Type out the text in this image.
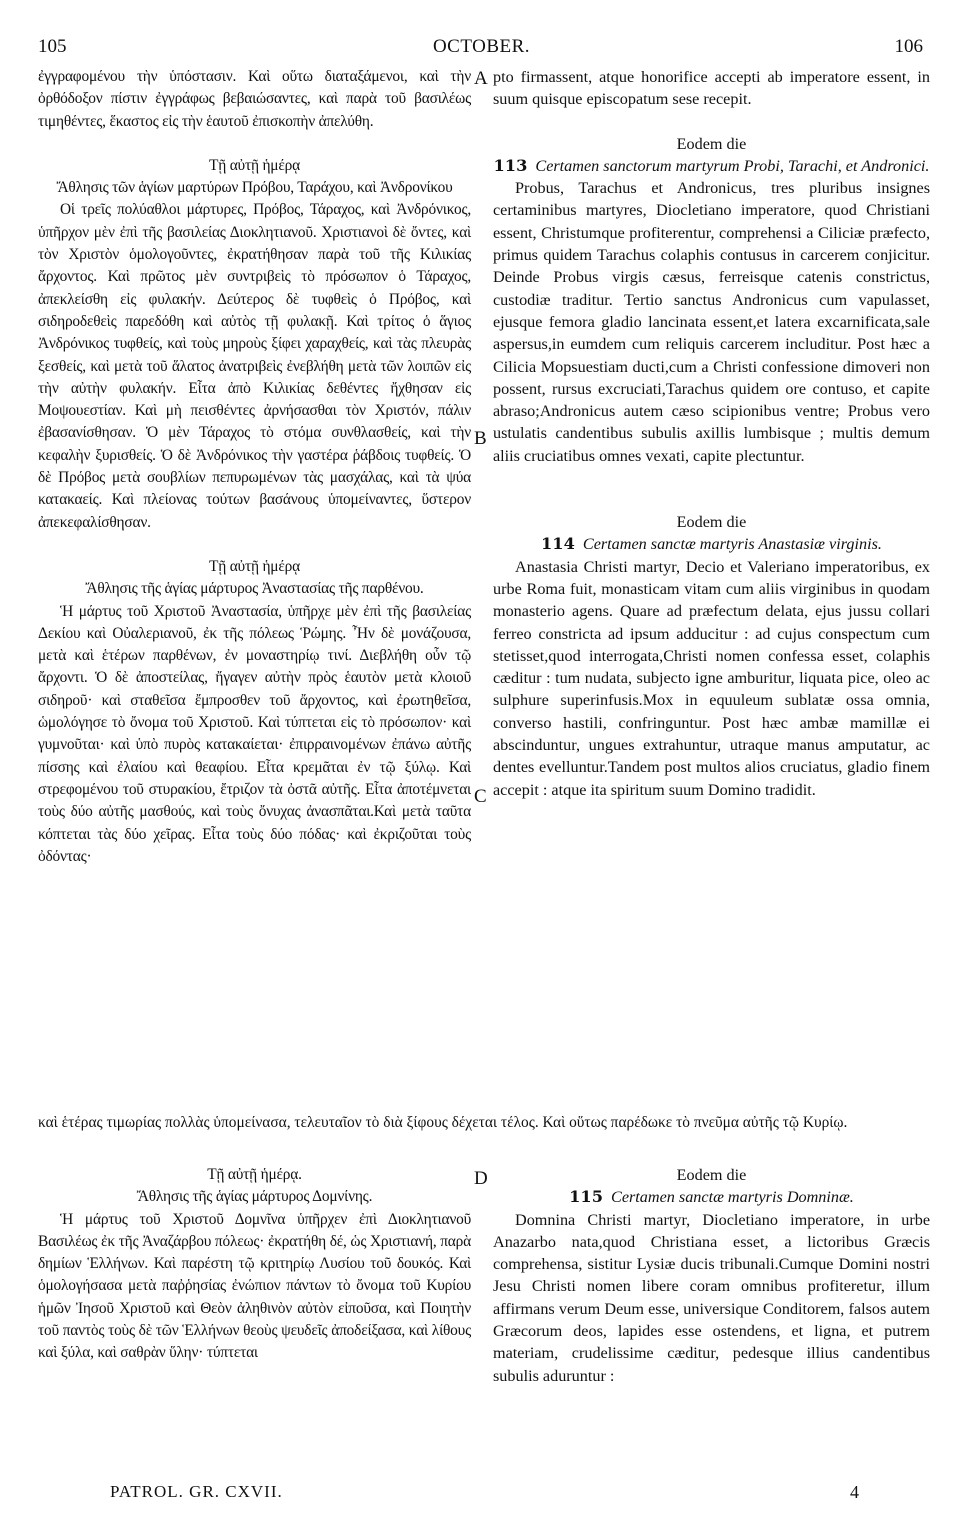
105	OCTOBER.	106
A
B
C
D

ἐγγραφομένου τὴν ὑπόστασιν. Καὶ οὕτω διαταξάμενοι, καὶ τὴν ὀρθόδοξον πίστιν ἐγγράφως βεβαιώσαντες, καὶ παρὰ τοῦ βασιλέως τιμηθέντες, ἕκαστος εἰς τὴν ἑαυτοῦ ἐπισκοπὴν ἀπελύθη.

Τῇ αὐτῇ ἡμέρᾳ
Ἄθλησις τῶν ἁγίων μαρτύρων Πρόβου, Ταράχου, καὶ Ἀνδρονίκου

Οἱ τρεῖς πολύαθλοι μάρτυρες, Πρόβος, Τάραχος, καὶ Ἀνδρόνικος, ὑπῆρχον μὲν ἐπὶ τῆς βασιλείας Διοκλητιανοῦ. Χριστιανοὶ δὲ ὄντες, καὶ τὸν Χριστὸν ὁμολογοῦντες, ἐκρατήθησαν παρὰ τοῦ τῆς Κιλικίας ἄρχοντος. Καὶ πρῶτος μὲν συντριβεὶς τὸ πρόσωπον ὁ Τάραχος, ἀπεκλείσθη εἰς φυλακήν. Δεύτερος δὲ τυφθεὶς ὁ Πρόβος, καὶ σιδηροδεθεὶς παρεδόθη καὶ αὐτὸς τῇ φυλακῇ. Καὶ τρίτος ὁ ἅγιος Ἀνδρόνικος τυφθείς, καὶ τοὺς μηροὺς ξίφει χαραχθείς, καὶ τὰς πλευρὰς ξεσθείς, καὶ μετὰ τοῦ ἅλατος ἀνατριβεὶς ἐνεβλήθη μετὰ τῶν λοιπῶν εἰς τὴν αὐτὴν φυλακήν. Εἶτα ἀπὸ Κιλικίας δεθέντες ἤχθησαν εἰς Μοψουεστίαν. Καὶ μὴ πεισθέντες ἀρνήσασθαι τὸν Χριστόν, πάλιν ἐβασανίσθησαν. Ὁ μὲν Τάραχος τὸ στόμα συνθλασθείς, καὶ τὴν κεφαλὴν ξυρισθείς. Ὁ δὲ Ἀνδρόνικος τὴν γαστέρα ῥάβδοις τυφθείς. Ὁ δὲ Πρόβος μετὰ σουβλίων πεπυρωμένων τὰς μασχάλας, καὶ τὰ ψύα κατακαείς. Καὶ πλείονας τούτων βασάνους ὑπομείναντες, ὕστερον ἀπεκεφαλίσθησαν.

Τῇ αὐτῇ ἡμέρᾳ
Ἄθλησις τῆς ἁγίας μάρτυρος Ἀναστασίας τῆς παρθένου.

Ἡ μάρτυς τοῦ Χριστοῦ Ἀναστασία, ὑπῆρχε μὲν ἐπὶ τῆς βασιλείας Δεκίου καὶ Οὐαλεριανοῦ, ἐκ τῆς πόλεως Ῥώμης. Ἦν δὲ μονάζουσα, μετὰ καὶ ἑτέρων παρθένων, ἐν μοναστηρίῳ τινί. Διεβλήθη οὖν τῷ ἄρχοντι. Ὁ δὲ ἀποστείλας, ἤγαγεν αὐτὴν πρὸς ἑαυτὸν μετὰ κλοιοῦ σιδηροῦ· καὶ σταθεῖσα ἔμπροσθεν τοῦ ἄρχοντος, καὶ ἐρωτηθεῖσα, ὡμολόγησε τὸ ὄνομα τοῦ Χριστοῦ. Καὶ τύπτεται εἰς τὸ πρόσωπον· καὶ γυμνοῦται· καὶ ὑπὸ πυρὸς κατακαίεται· ἐπιρραινομένων ἐπάνω αὐτῆς πίσσης καὶ ἐλαίου καὶ θεαφίου. Εἶτα κρεμᾶται ἐν τῷ ξύλῳ. Καὶ στρεφομένου τοῦ στυρακίου, ἔτριζον τὰ ὀστᾶ αὐτῆς. Εἶτα ἀποτέμνεται τοὺς δύο αὐτῆς μασθούς, καὶ τοὺς ὄνυχας ἀνασπᾶται.Καὶ μετὰ ταῦτα κόπτεται τὰς δύο χεῖρας. Εἶτα τοὺς δύο πόδας· καὶ ἐκριζοῦται τοὺς ὀδόντας·

pto firmassent, atque honorifice accepti ab imperatore essent, in suum quisque episcopatum sese recepit.

Eodem die
113 Certamen sanctorum martyrum Probi, Tarachi, et Andronici.

Probus, Tarachus et Andronicus, tres pluribus insignes certaminibus martyres, Diocletiano imperatore, quod Christiani essent, Christumque profiterentur, comprehensi a Ciliciæ præfecto, primus quidem Tarachus colaphis contusus in carcerem conjicitur. Deinde Probus virgis cæsus, ferreisque catenis constrictus, custodiæ traditur. Tertio sanctus Andronicus cum vapulasset, ejusque femora gladio lancinata essent,et latera excarnificata,sale aspersus,in eumdem cum reliquis carcerem includitur. Post hæc a Cilicia Mopsuestiam ducti,cum a Christi confessione dimoveri non possent, rursus excruciati,Tarachus quidem ore contuso, et capite abraso;Andronicus autem cæso scipionibus ventre; Probus vero ustulatis candentibus subulis axillis lumbisque ; multis demum aliis cruciatibus omnes vexati, capite plectuntur.

Eodem die
114 Certamen sanctæ martyris Anastasiæ virginis.

Anastasia Christi martyr, Decio et Valeriano imperatoribus, ex urbe Roma fuit, monasticam vitam cum aliis virginibus in quodam monasterio agens. Quare ad præfectum delata, ejus jussu collari ferreo constricta ad ipsum adducitur : ad cujus conspectum cum stetisset,quod interrogata,Christi nomen confessa esset, colaphis cæditur : tum nudata, subjecto igne amburitur, liquata pice, oleo ac sulphure superinfusis.Mox in equuleum sublatæ ossa omnia, converso hastili, confringuntur. Post hæc ambæ mamillæ ei abscinduntur, ungues extrahuntur, utraque manus amputatur, ac dentes evelluntur.Tandem post multos alios cruciatus, gladio finem accepit : atque ita spiritum suum Domino tradidit.

καὶ ἑτέρας τιμωρίας πολλὰς ὑπομείνασα, τελευταῖον τὸ διὰ ξίφους δέχεται τέλος. Καὶ οὕτως παρέδωκε τὸ πνεῦμα αὐτῆς τῷ Κυρίῳ.
Τῇ αὐτῇ ἡμέρᾳ.
Ἄθλησις τῆς ἁγίας μάρτυρος Δομνίνης.

Ἡ μάρτυς τοῦ Χριστοῦ Δομνῖνα ὑπῆρχεν ἐπὶ Διοκλητιανοῦ Βασιλέως ἐκ τῆς Ἀναζάρβου πόλεως· ἐκρατήθη δέ, ὡς Χριστιανή, παρὰ δημίων Ἑλλήνων. Καὶ παρέστη τῷ κριτηρίῳ Λυσίου τοῦ δουκός. Καὶ ὁμολογήσασα μετὰ παῤῥησίας ἐνώπιον πάντων τὸ ὄνομα τοῦ Κυρίου ἡμῶν Ἰησοῦ Χριστοῦ καὶ Θεὸν ἀληθινὸν αὐτὸν εἰποῦσα, καὶ Ποιητὴν τοῦ παντὸς τοὺς δὲ τῶν Ἑλλήνων θεοὺς ψευδεῖς ἀποδείξασα, καὶ λίθους καὶ ξύλα, καὶ σαθρὰν ὕλην· τύπτεται

Eodem die
115 Certamen sanctæ martyris Domninæ.

Domnina Christi martyr, Diocletiano imperatore, in urbe Anazarbo nata,quod Christiana esset, a lictoribus Græcis comprehensa, sistitur Lysiæ ducis tribunali.Cumque Domini nostri Jesu Christi nomen libere coram omnibus profiteretur, illum affirmans verum Deum esse, universique Conditorem, falsos autem Græcorum deos, lapides esse ostendens, et ligna, et putrem materiam, crudelissime cæditur, pedesque illius candentibus subulis aduruntur :

PATROL. GR. CXVII.	4
